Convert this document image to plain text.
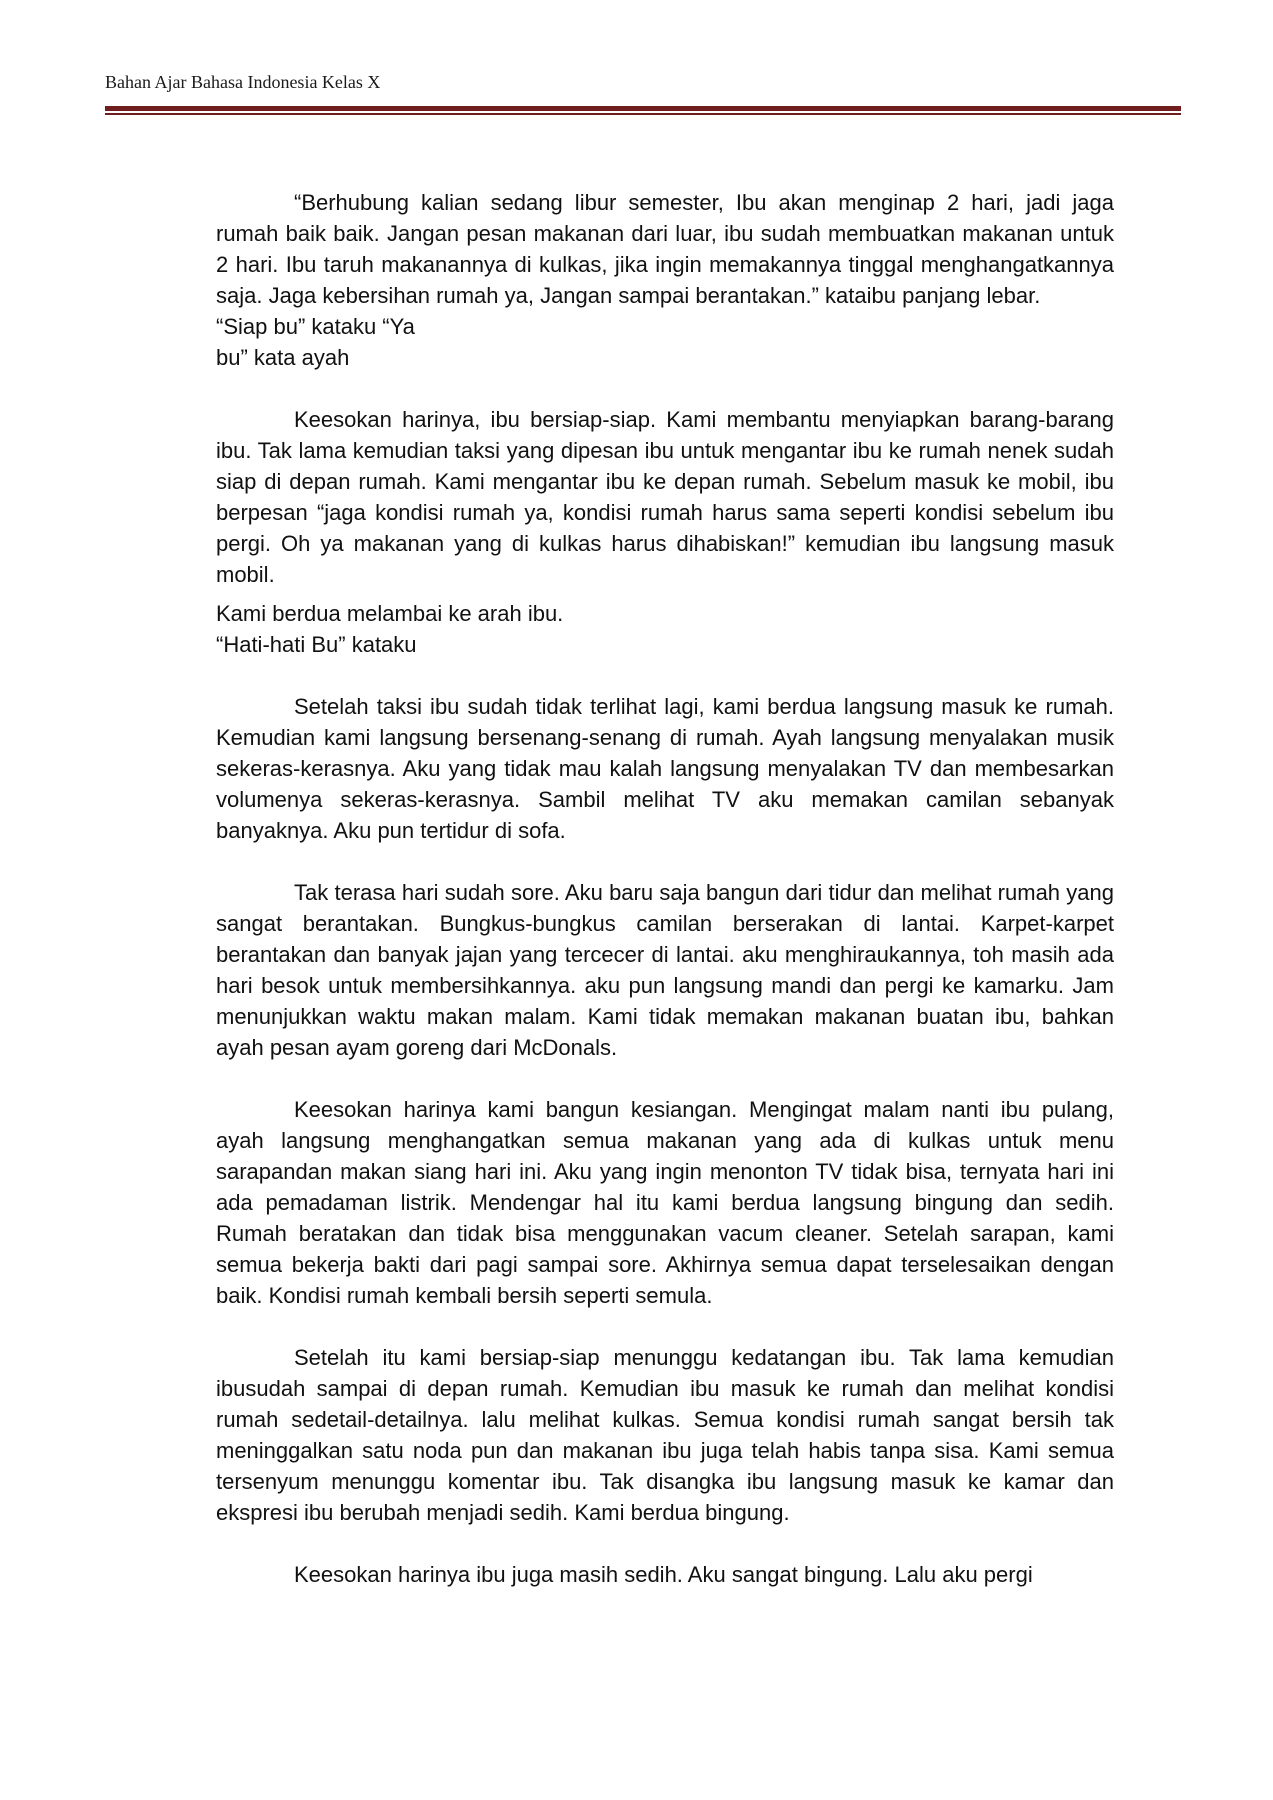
Bahan Ajar Bahasa Indonesia Kelas X

“Berhubung kalian sedang libur semester, Ibu akan menginap 2 hari, jadi jaga rumah baik baik. Jangan pesan makanan dari luar, ibu sudah membuatkan makanan untuk 2 hari. Ibu taruh makanannya di kulkas, jika ingin memakannya tinggal menghangatkannya saja. Jaga kebersihan rumah ya, Jangan sampai berantakan.” kataibu panjang lebar.

“Siap bu” kataku “Ya

bu” kata ayah

Keesokan harinya, ibu bersiap-siap. Kami membantu menyiapkan barang-barang ibu. Tak lama kemudian taksi yang dipesan ibu untuk mengantar ibu ke rumah nenek sudah siap di depan rumah. Kami mengantar ibu ke depan rumah. Sebelum masuk ke mobil, ibu berpesan “jaga kondisi rumah ya, kondisi rumah harus sama seperti kondisi sebelum ibu pergi. Oh ya makanan yang di kulkas harus dihabiskan!” kemudian ibu langsung masuk mobil.

Kami berdua melambai ke arah ibu.

“Hati-hati Bu” kataku

Setelah taksi ibu sudah tidak terlihat lagi, kami berdua langsung masuk ke rumah. Kemudian kami langsung bersenang-senang di rumah. Ayah langsung menyalakan musik sekeras-kerasnya. Aku yang tidak mau kalah langsung menyalakan TV dan membesarkan volumenya sekeras-kerasnya. Sambil melihat TV aku memakan camilan sebanyak banyaknya. Aku pun tertidur di sofa.

Tak terasa hari sudah sore. Aku baru saja bangun dari tidur dan melihat rumah yang sangat berantakan. Bungkus-bungkus camilan berserakan di lantai. Karpet-karpet berantakan dan banyak jajan yang tercecer di lantai. aku menghiraukannya, toh masih ada hari besok untuk membersihkannya. aku pun langsung mandi dan pergi ke kamarku. Jam menunjukkan waktu makan malam. Kami tidak memakan makanan buatan ibu, bahkan ayah pesan ayam goreng dari McDonals.

Keesokan harinya kami bangun kesiangan. Mengingat malam nanti ibu pulang, ayah langsung menghangatkan semua makanan yang ada di kulkas untuk menu sarapandan makan siang hari ini. Aku yang ingin menonton TV tidak bisa, ternyata hari ini ada pemadaman listrik. Mendengar hal itu kami berdua langsung bingung dan sedih. Rumah beratakan dan tidak bisa menggunakan vacum cleaner. Setelah sarapan, kami semua bekerja bakti dari pagi sampai sore. Akhirnya semua dapat terselesaikan dengan baik. Kondisi rumah kembali bersih seperti semula.

Setelah itu kami bersiap-siap menunggu kedatangan ibu. Tak lama kemudian ibusudah sampai di depan rumah. Kemudian ibu masuk ke rumah dan melihat kondisi rumah sedetail-detailnya. lalu melihat kulkas. Semua kondisi rumah sangat bersih tak meninggalkan satu noda pun dan makanan ibu juga telah habis tanpa sisa. Kami semua tersenyum menunggu komentar ibu. Tak disangka ibu langsung masuk ke kamar dan ekspresi ibu berubah menjadi sedih. Kami berdua bingung.

Keesokan harinya ibu juga masih sedih. Aku sangat bingung. Lalu aku pergi
